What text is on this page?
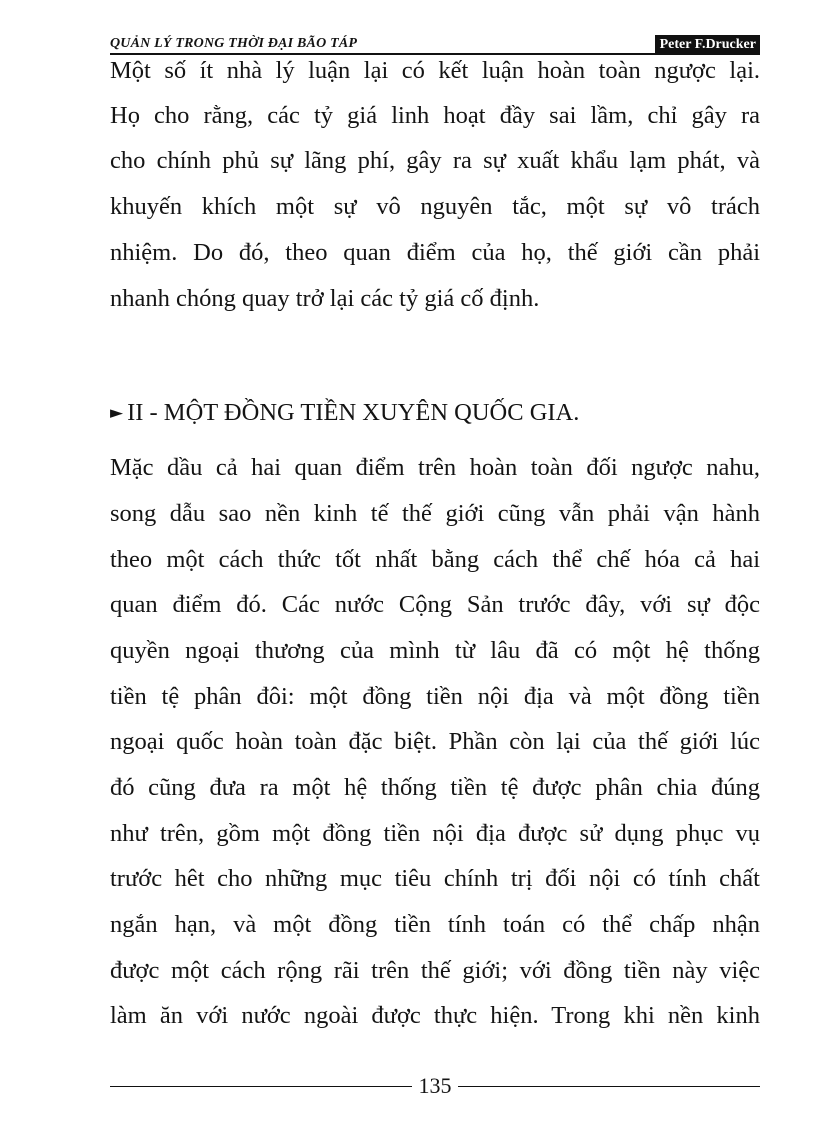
QUẢN LÝ TRONG THỜI ĐẠI BÃO TÁP	Peter F.Drucker
Một số ít nhà lý luận lại có kết luận hoàn toàn ngược lại.
Họ cho rằng, các tỷ giá linh hoạt đầy sai lầm, chỉ gây ra
cho chính phủ sự lãng phí, gây ra sự xuất khẩu lạm phát, và
khuyến khích một sự vô nguyên tắc, một sự vô trách
nhiệm. Do đó, theo quan điểm của họ, thế giới cần phải
nhanh chóng quay trở lại các tỷ giá cố định.
► II - MỘT ĐỒNG TIỀN XUYÊN QUỐC GIA.
Mặc dầu cả hai quan điểm trên hoàn toàn đối ngược nahu,
song dẫu sao nền kinh tế thế giới cũng vẫn phải vận hành
theo một cách thức tốt nhất bằng cách thể chế hóa cả hai
quan điểm đó. Các nước Cộng Sản trước đây, với sự độc
quyền ngoại thương của mình từ lâu đã có một hệ thống
tiền tệ phân đôi: một đồng tiền nội địa và một đồng tiền
ngoại quốc hoàn toàn đặc biệt. Phần còn lại của thế giới lúc
đó cũng đưa ra một hệ thống tiền tệ được phân chia đúng
như trên, gồm một đồng tiền nội địa được sử dụng phục vụ
trước hêt cho những mục tiêu chính trị đối nội có tính chất
ngắn hạn, và một đồng tiền tính toán có thể chấp nhận
được một cách rộng rãi trên thế giới; với đồng tiền này việc
làm ăn với nước ngoài được thực hiện. Trong khi nền kinh
135
